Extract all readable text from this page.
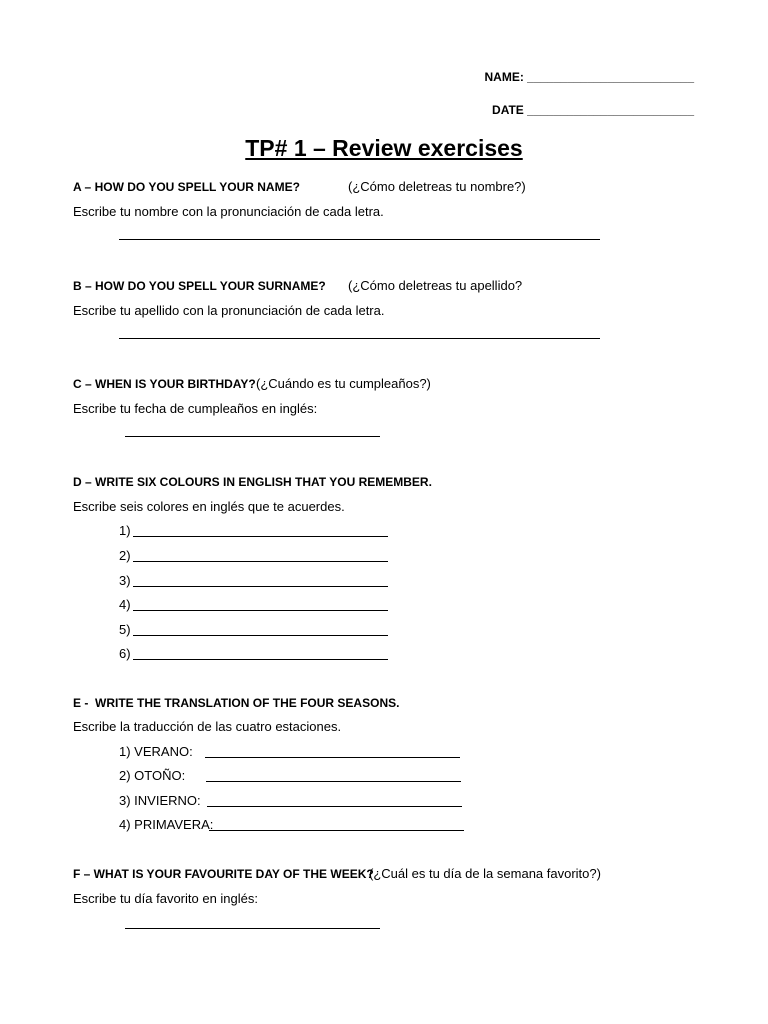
NAME: _________________________
DATE _________________________
TP# 1 – Review exercises
A – HOW DO YOU SPELL YOUR NAME?	(¿Cómo deletreas tu nombre?)
Escribe tu nombre con la pronunciación de cada letra.
B – HOW DO YOU SPELL YOUR SURNAME? (¿Cómo deletreas tu apellido?
Escribe tu apellido con la pronunciación de cada letra.
C – WHEN IS YOUR BIRTHDAY? (¿Cuándo es tu cumpleaños?)
Escribe tu fecha de cumpleaños en inglés:
D – WRITE SIX COLOURS IN ENGLISH THAT YOU REMEMBER.
Escribe seis colores en inglés que te acuerdes.
1)
2)
3)
4)
5)
6)
E -  WRITE THE TRANSLATION OF THE FOUR SEASONS.
Escribe la traducción de las cuatro estaciones.
1) VERANO:
2) OTOÑO:
3) INVIERNO:
4) PRIMAVERA:
F – WHAT IS YOUR FAVOURITE DAY OF THE WEEK?
(¿Cuál es tu día de la semana favorito?)
Escribe tu día favorito en inglés:
